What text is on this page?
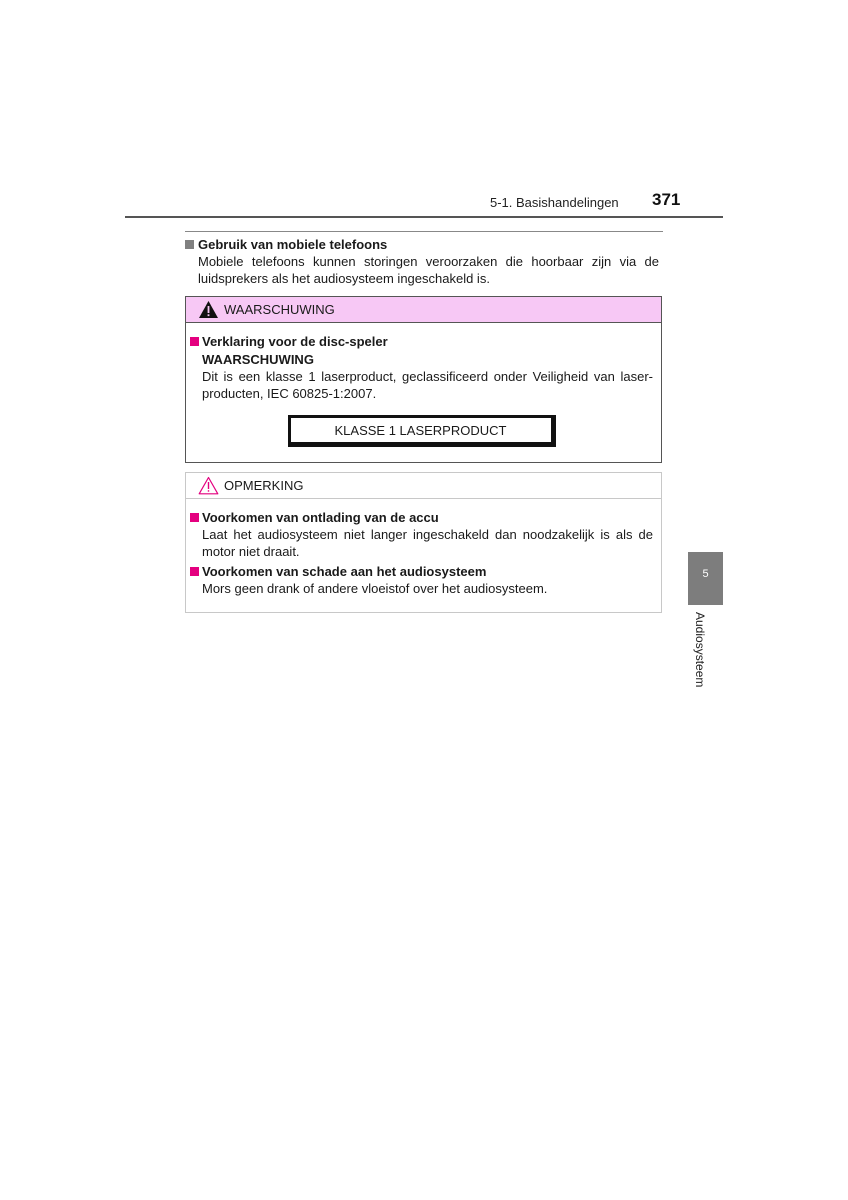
5-1. Basishandelingen 371
Gebruik van mobiele telefoons
Mobiele telefoons kunnen storingen veroorzaken die hoorbaar zijn via de luidsprekers als het audiosysteem ingeschakeld is.
WAARSCHUWING
Verklaring voor de disc-speler
WAARSCHUWING
Dit is een klasse 1 laserproduct, geclassificeerd onder Veiligheid van laser-producten, IEC 60825-1:2007.
KLASSE 1 LASERPRODUCT
OPMERKING
Voorkomen van ontlading van de accu
Laat het audiosysteem niet langer ingeschakeld dan noodzakelijk is als de motor niet draait.
Voorkomen van schade aan het audiosysteem
Mors geen drank of andere vloeistof over het audiosysteem.
5
Audiosysteem
